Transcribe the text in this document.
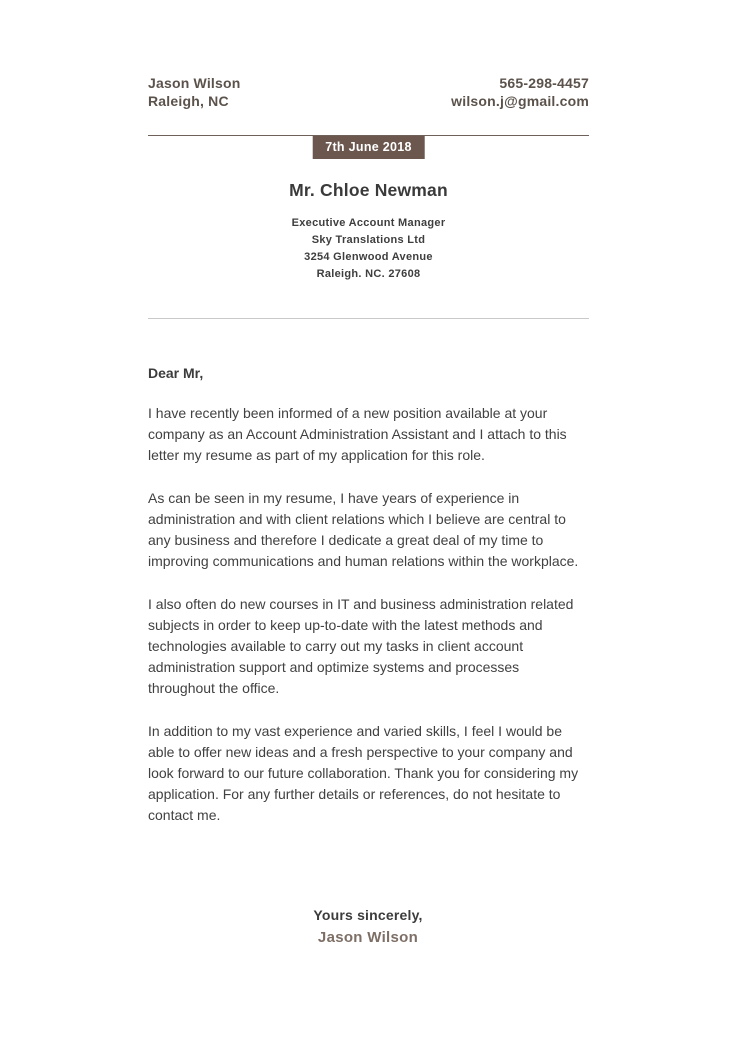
Jason Wilson
Raleigh, NC
565-298-4457
wilson.j@gmail.com
7th June 2018
Mr. Chloe Newman
Executive Account Manager
Sky Translations Ltd
3254 Glenwood Avenue
Raleigh. NC. 27608
Dear Mr,

I have recently been informed of a new position available at your company as an Account Administration Assistant and I attach to this letter my resume as part of my application for this role.

As can be seen in my resume, I have years of experience in administration and with client relations which I believe are central to any business and therefore I dedicate a great deal of my time to improving communications and human relations within the workplace.

I also often do new courses in IT and business administration related subjects in order to keep up-to-date with the latest methods and technologies available to carry out my tasks in client account administration support and optimize systems and processes throughout the office.

In addition to my vast experience and varied skills, I feel I would be able to offer new ideas and a fresh perspective to your company and look forward to our future collaboration. Thank you for considering my application. For any further details or references, do not hesitate to contact me.

Yours sincerely,
Jason Wilson
